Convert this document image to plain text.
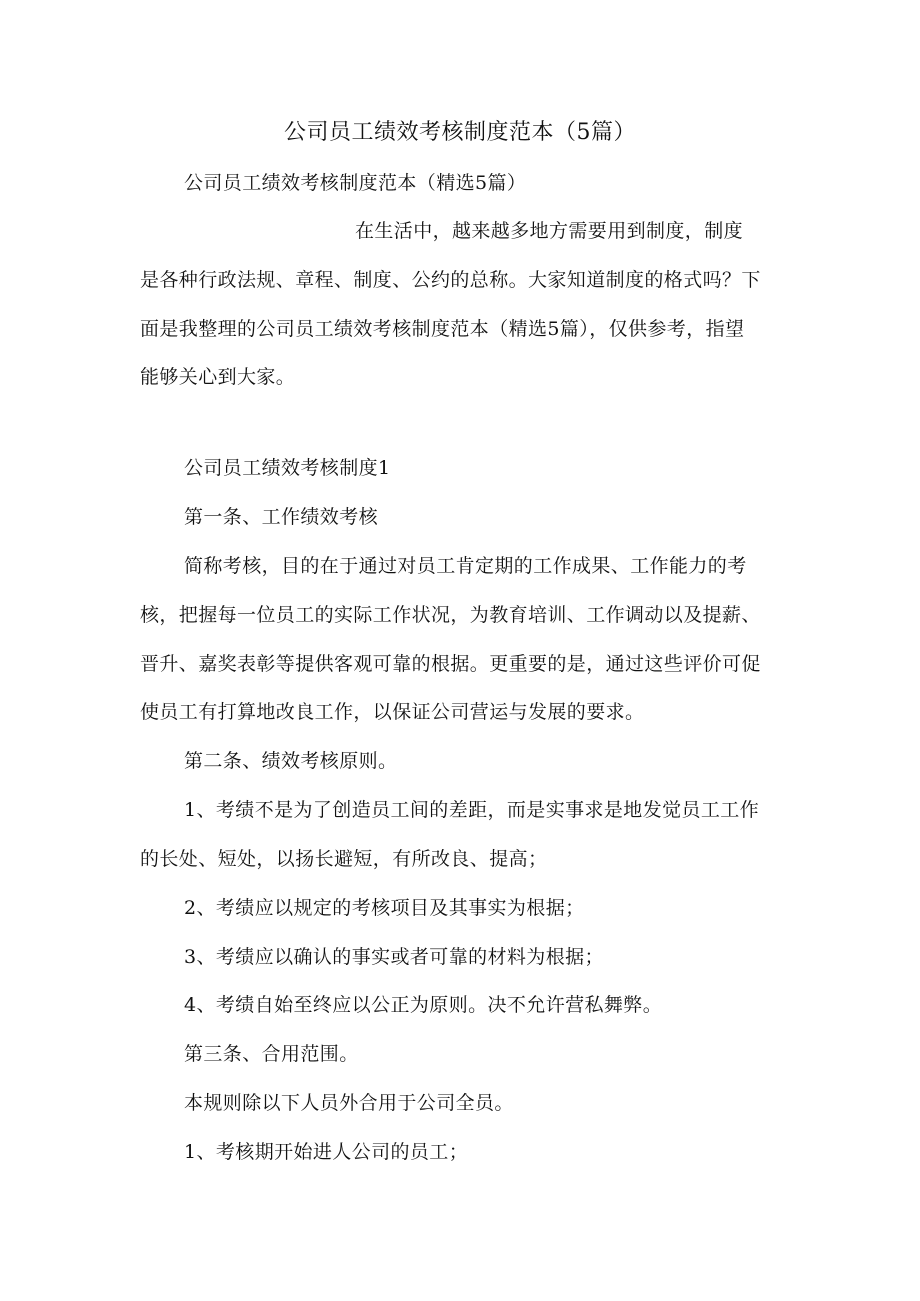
公司员工绩效考核制度范本（5篇）
公司员工绩效考核制度范本（精选5篇）
在生活中，越来越多地方需要用到制度，制度
是各种行政法规、章程、制度、公约的总称。大家知道制度的格式吗？下
面是我整理的公司员工绩效考核制度范本（精选5篇），仅供参考，指望
能够关心到大家。
公司员工绩效考核制度1
第一条、工作绩效考核
简称考核，目的在于通过对员工肯定期的工作成果、工作能力的考
核，把握每一位员工的实际工作状况，为教育培训、工作调动以及提薪、
晋升、嘉奖表彰等提供客观可靠的根据。更重要的是，通过这些评价可促
使员工有打算地改良工作，以保证公司营运与发展的要求。
第二条、绩效考核原则。
1、考绩不是为了创造员工间的差距，而是实事求是地发觉员工工作
的长处、短处，以扬长避短，有所改良、提高；
2、考绩应以规定的考核项目及其事实为根据；
3、考绩应以确认的事实或者可靠的材料为根据；
4、考绩自始至终应以公正为原则。决不允许营私舞弊。
第三条、合用范围。
本规则除以下人员外合用于公司全员。
1、考核期开始进人公司的员工；
